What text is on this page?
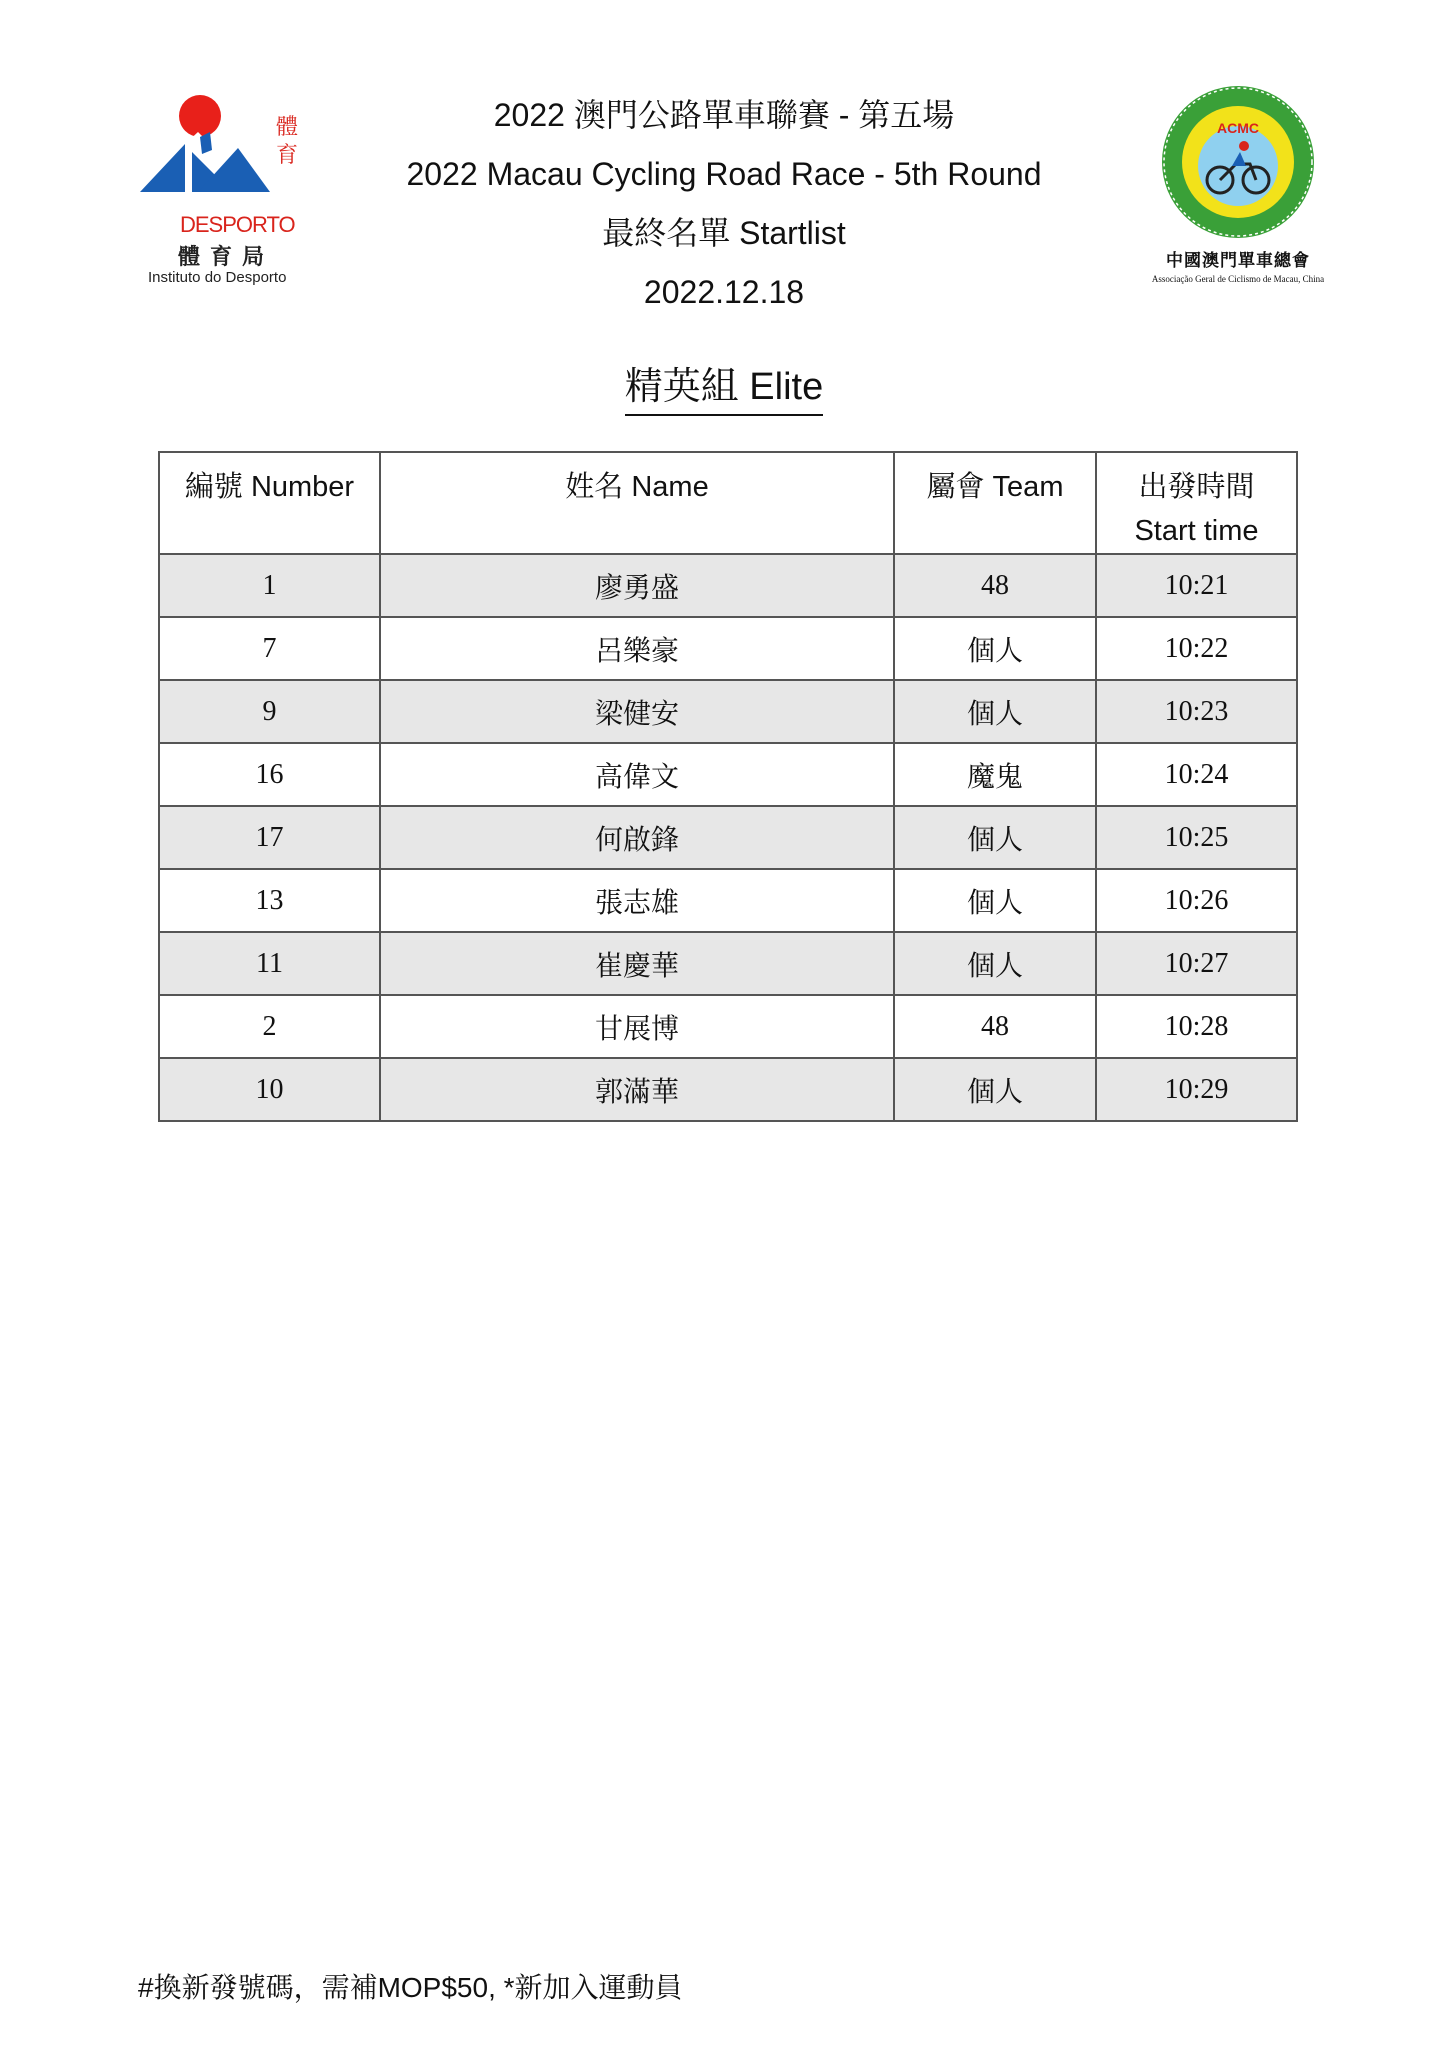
體育
DESPORTO
體育局
Instituto do Desporto
2022 澳門公路單車聯賽 - 第五場
2022 Macau Cycling Road Race - 5th Round
最終名單 Startlist
2022.12.18
ACMC
中國澳門單車總會
Associação Geral de Ciclismo de Macau, China
精英組 Elite
編號 Number	姓名 Name	屬會 Team	出發時間
Start time

1	廖勇盛	48	10:21
7	呂樂豪	個人	10:22
9	梁健安	個人	10:23
16	高偉文	魔鬼	10:24
17	何啟鋒	個人	10:25
13	張志雄	個人	10:26
11	崔慶華	個人	10:27
2	甘展博	48	10:28
10	郭滿華	個人	10:29
#換新發號碼，需補MOP$50, *新加入運動員
